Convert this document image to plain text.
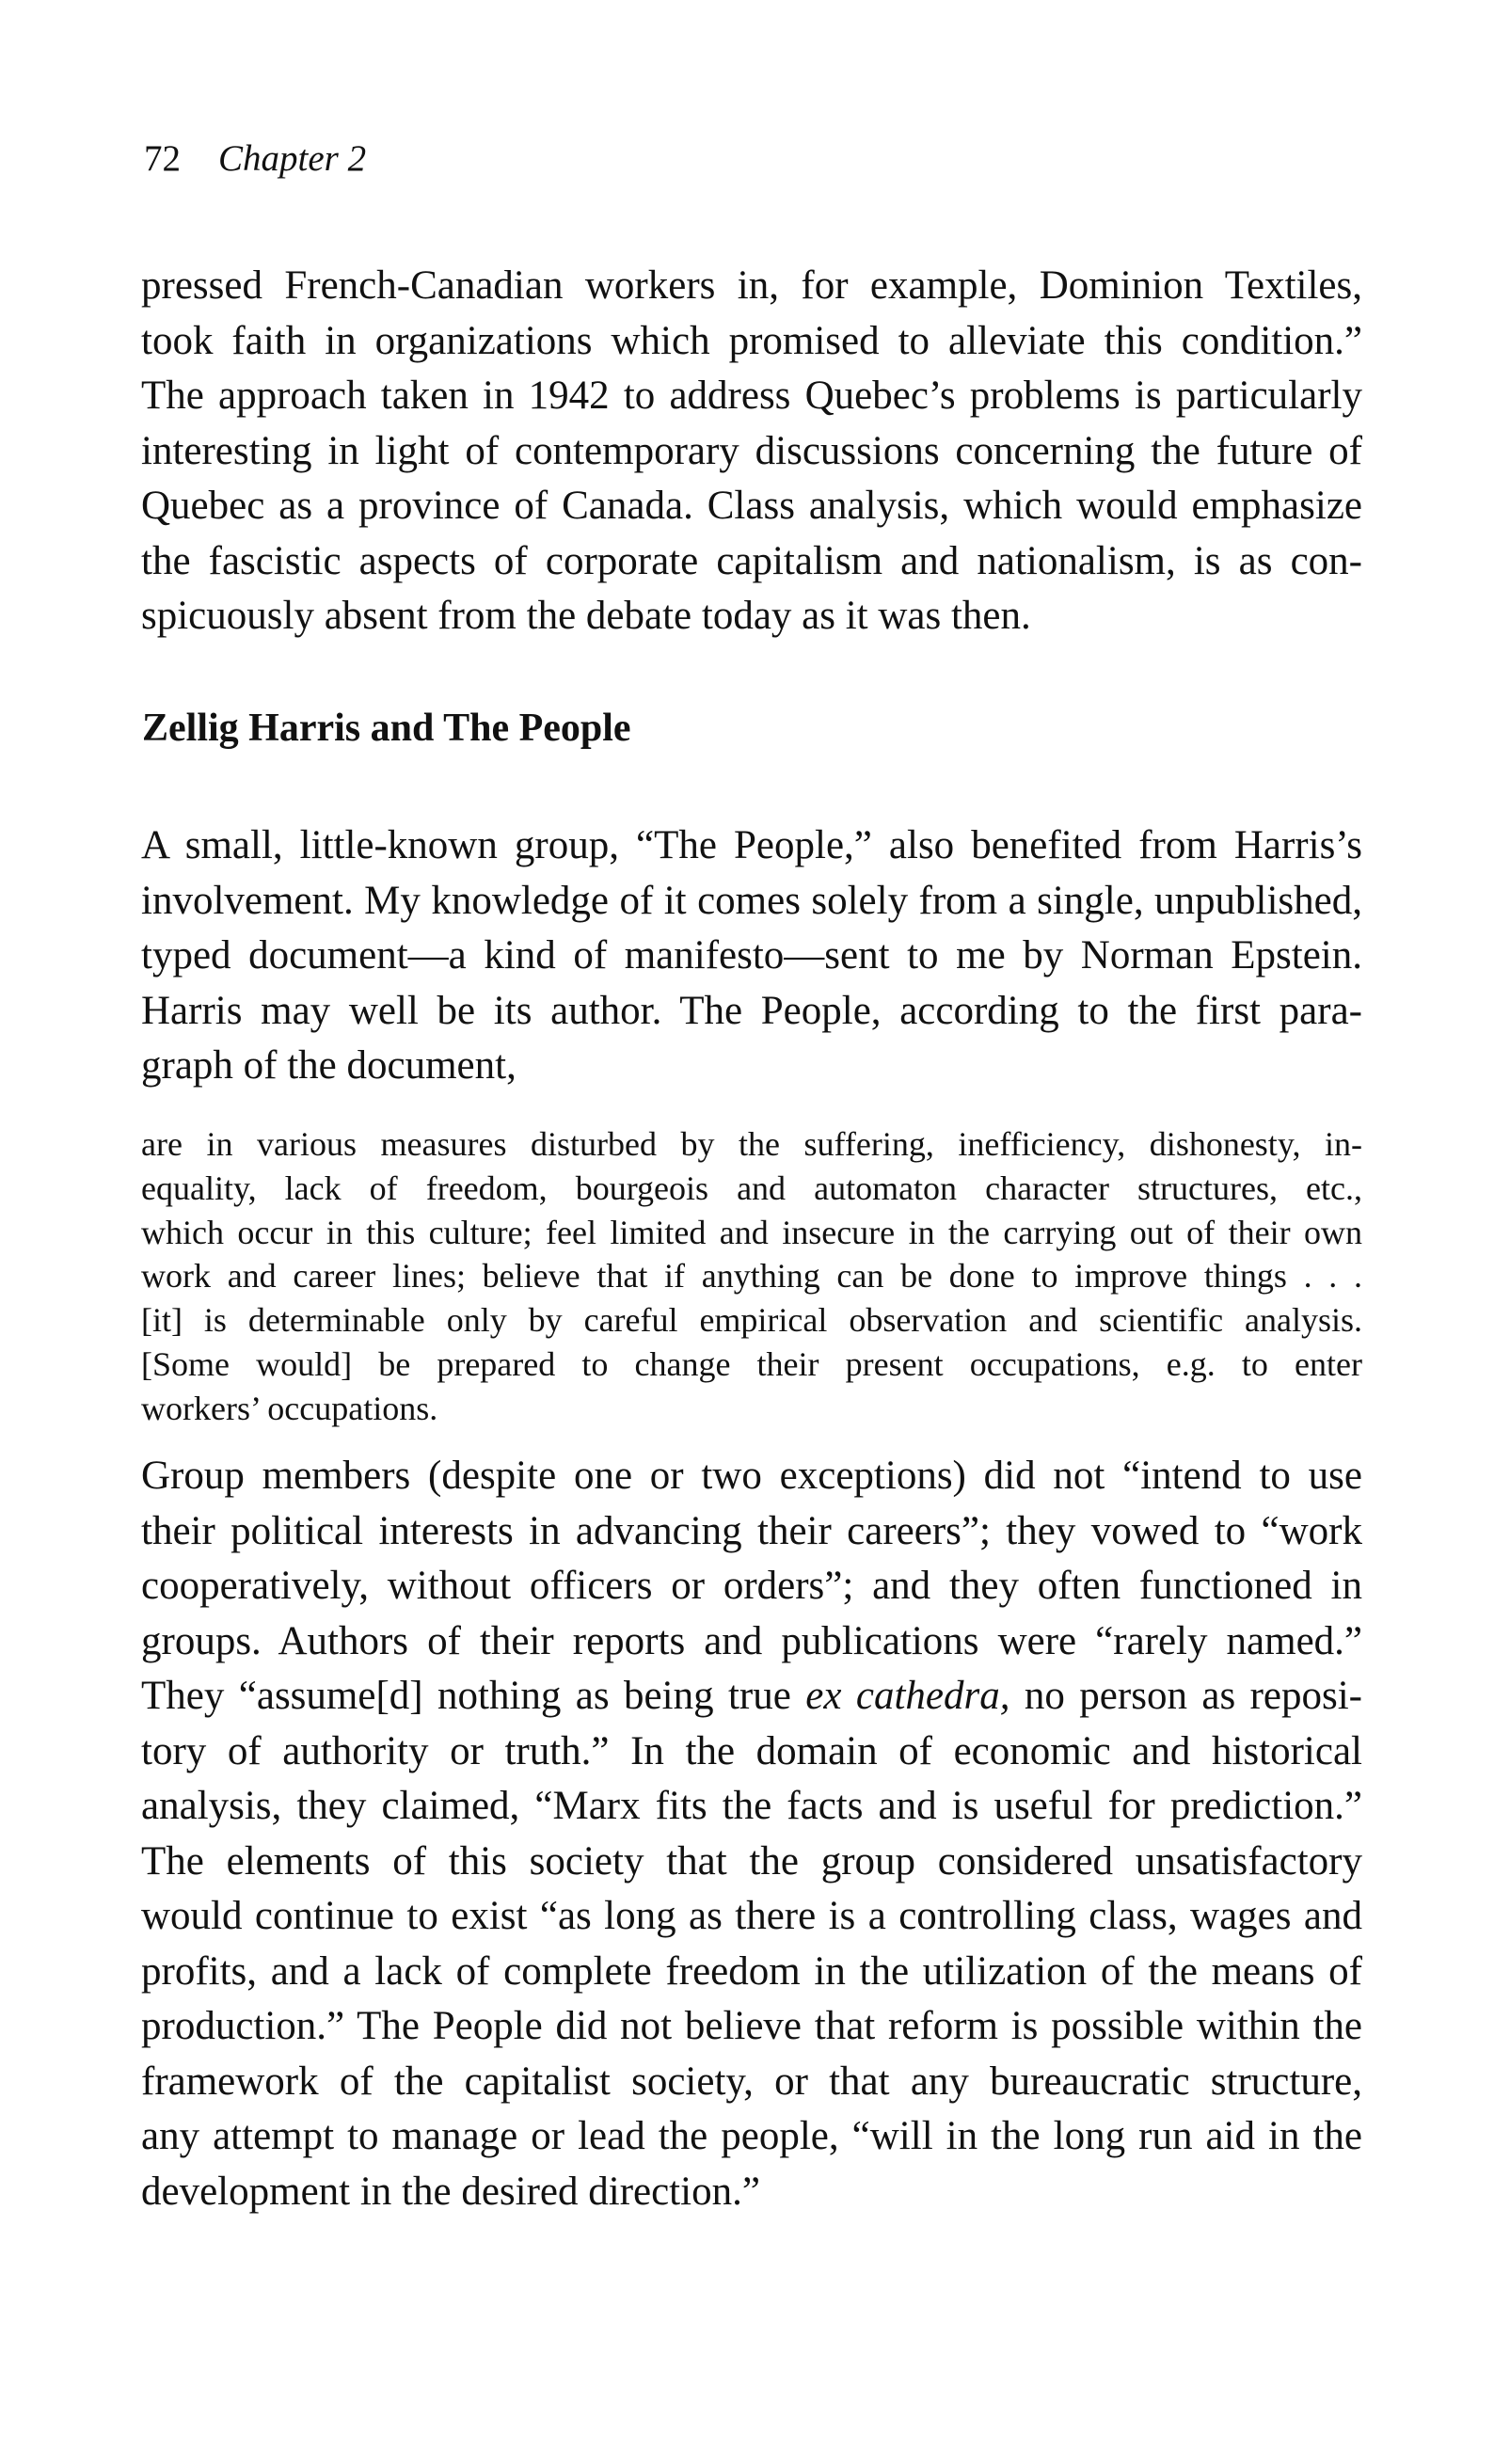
72 Chapter 2
pressed French-Canadian workers in, for example, Dominion Textiles,
took faith in organizations which promised to alleviate this condition.”
The approach taken in 1942 to address Quebec’s problems is particularly
interesting in light of contemporary discussions concerning the future of
Quebec as a province of Canada. Class analysis, which would emphasize
the fascistic aspects of corporate capitalism and nationalism, is as con-
spicuously absent from the debate today as it was then.
Zellig Harris and The People
A small, little-known group, “The People,” also benefited from Harris’s
involvement. My knowledge of it comes solely from a single, unpublished,
typed document—a kind of manifesto—sent to me by Norman Epstein.
Harris may well be its author. The People, according to the first para-
graph of the document,
are in various measures disturbed by the suffering, inefficiency, dishonesty, in-
equality, lack of freedom, bourgeois and automaton character structures, etc.,
which occur in this culture; feel limited and insecure in the carrying out of their own
work and career lines; believe that if anything can be done to improve things . . .
[it] is determinable only by careful empirical observation and scientific analysis.
[Some would] be prepared to change their present occupations, e.g. to enter
workers’ occupations.
Group members (despite one or two exceptions) did not “intend to use
their political interests in advancing their careers”; they vowed to “work
cooperatively, without officers or orders”; and they often functioned in
groups. Authors of their reports and publications were “rarely named.”
They “assume[d] nothing as being true ex cathedra, no person as reposi-
tory of authority or truth.” In the domain of economic and historical
analysis, they claimed, “Marx fits the facts and is useful for prediction.”
The elements of this society that the group considered unsatisfactory
would continue to exist “as long as there is a controlling class, wages and
profits, and a lack of complete freedom in the utilization of the means of
production.” The People did not believe that reform is possible within the
framework of the capitalist society, or that any bureaucratic structure,
any attempt to manage or lead the people, “will in the long run aid in the
development in the desired direction.”
